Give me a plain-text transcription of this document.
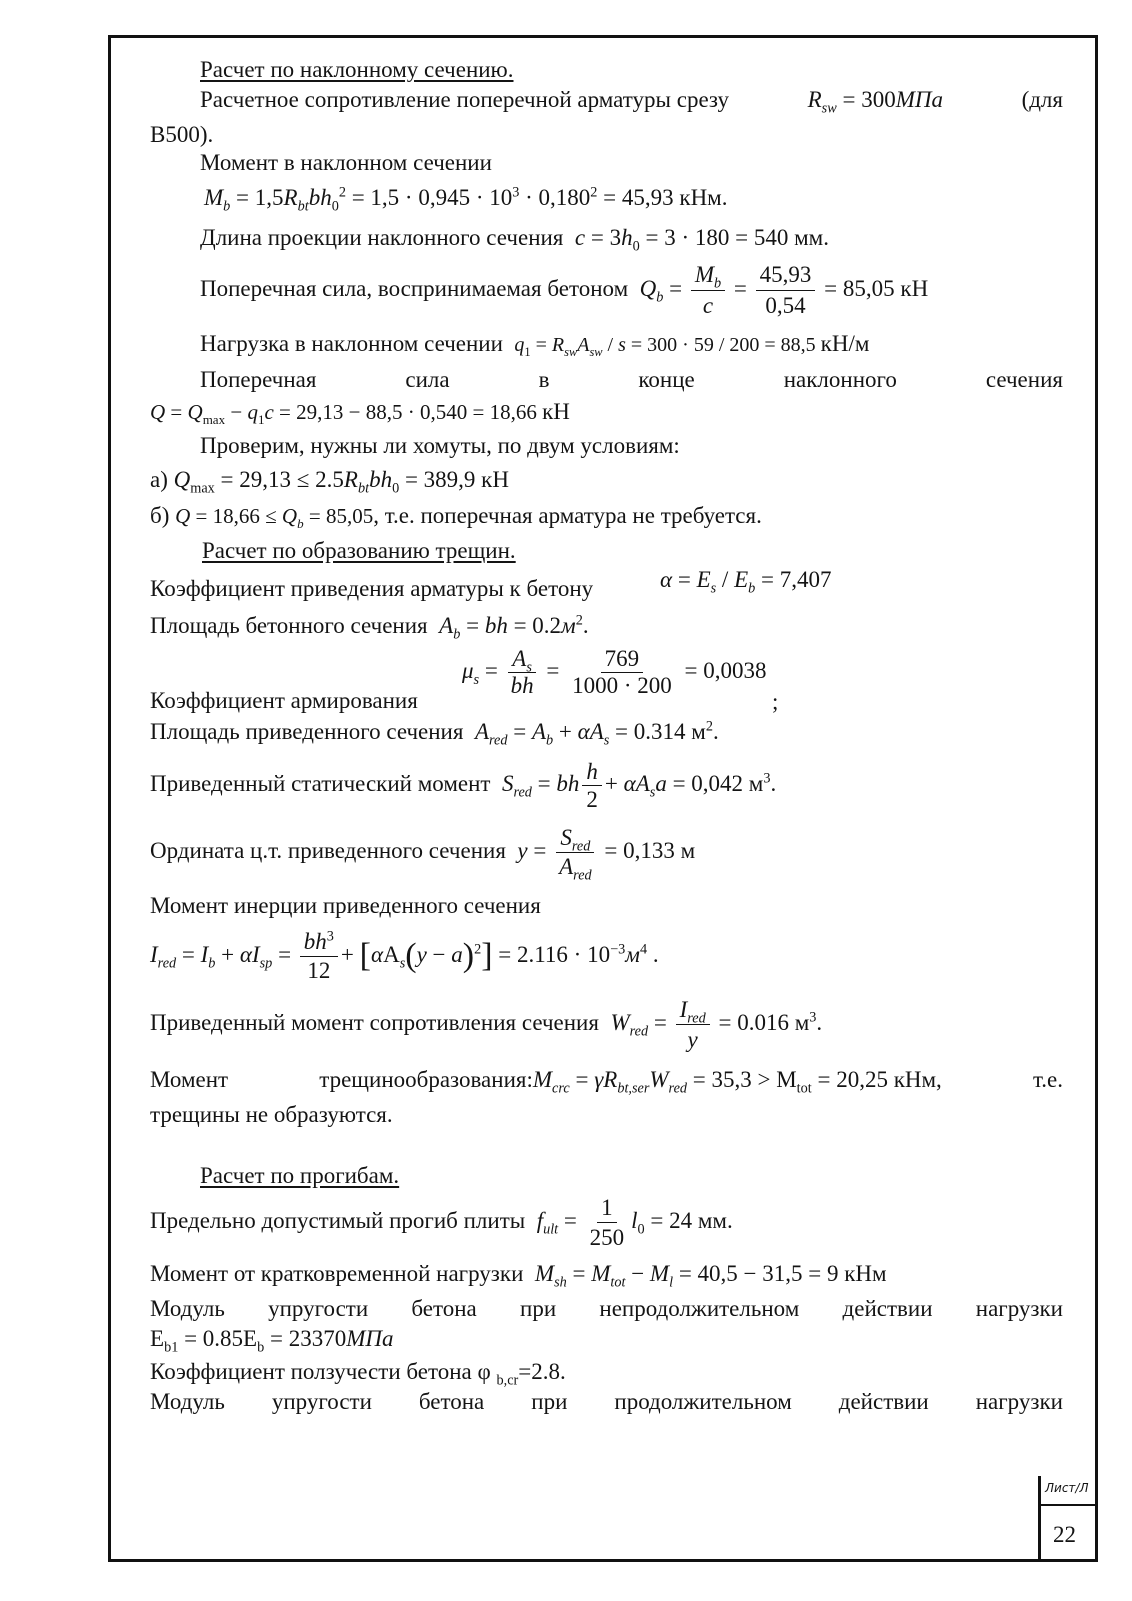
Расчет по наклонному сечению.
Расчетное сопротивление поперечной арматуры срезу	$R_{sw} = 300МПа$	(для
В500).
Момент в наклонном сечении
$M_b = 1,5R_{bt}bh_0^2 = 1,5 \cdot 0,945 \cdot 10^3 \cdot 0,180^2 = 45,93$ кНм.
Длина проекции наклонного сечения $c = 3h_0 = 3 \cdot 180 = 540$ мм.
Поперечная сила, воспринимаемая бетоном $Q_b = \frac{M_b}{c} = \frac{45,93}{0,54} = 85,05$ кН
Нагрузка в наклонном сечении $q_1 = R_{sw}A_{sw} / s = 300 \cdot 59 / 200 = 88,5$ кН/м
Поперечная	сила	в	конце	наклонного	сечения
$Q = Q_{max} - q_1c = 29,13 - 88,5 \cdot 0,540 = 18,66$ кН
Проверим, нужны ли хомуты, по двум условиям:
а) $Q_{max} = 29,13 \le 2.5R_{bt}bh_0 = 389,9$ кН
б) $Q = 18,66 \le Q_b = 85,05$, т.е. поперечная арматура не требуется.
Расчет по образованию трещин.
Коэффициент приведения арматуры к бетону	$\alpha = E_s / E_b = 7,407$
Площадь бетонного сечения $A_b$ = bh = $0.2м^2$.
Коэффициент армирования
$\mu_s = \frac{A_s}{bh} = \frac{769}{1000 \cdot 200} = 0,0038$
;
Площадь приведенного сечения $A_{red} = A_b + \alpha A_s = 0.314$ $м^2$.
Приведенный статический момент $S_{red}$ = bh $\frac{h}{2} + \alpha A_sa = 0,042$ $м^3$.
Ордината ц.т. приведенного сечения $y = \frac{S_{red}}{A_{red}} = 0,133$ м
Момент инерции приведенного сечения
$I_{red} = I_b + \alpha I_{sp} = \frac{bh^3}{12} + [\alpha A_s(y - a)^2] = 2.116 \cdot 10^{-3}м^4$ .
Приведенный момент сопротивления сечения $W_{red} = \frac{I_{red}}{y} = 0.016$ $м^3$.
Момент	$трещинообразования:M_{crc} = \gamma R_{bt,ser}W_{red} = 35,3 > M_{tot} = 20,25$ кНм,	т.е.
трещины не образуются.
Расчет по прогибам.
Предельно допустимый прогиб плиты $f_{ult} = \frac{1}{250} l_0 = 24$ мм.
Момент от кратковременной нагрузки $M_{sh} = M_{tot} - M_l = 40,5 - 31,5 = 9$ кНм
Модуль упругости бетона при непродолжительном действии нагрузки
$E_{b1} = 0.85E_b = 23370МПа$
Коэффициент ползучести бетона φ $_{b,cr}$=2.8.
Модуль упругости бетона при продолжительном действии нагрузки
Лист/Л
22
